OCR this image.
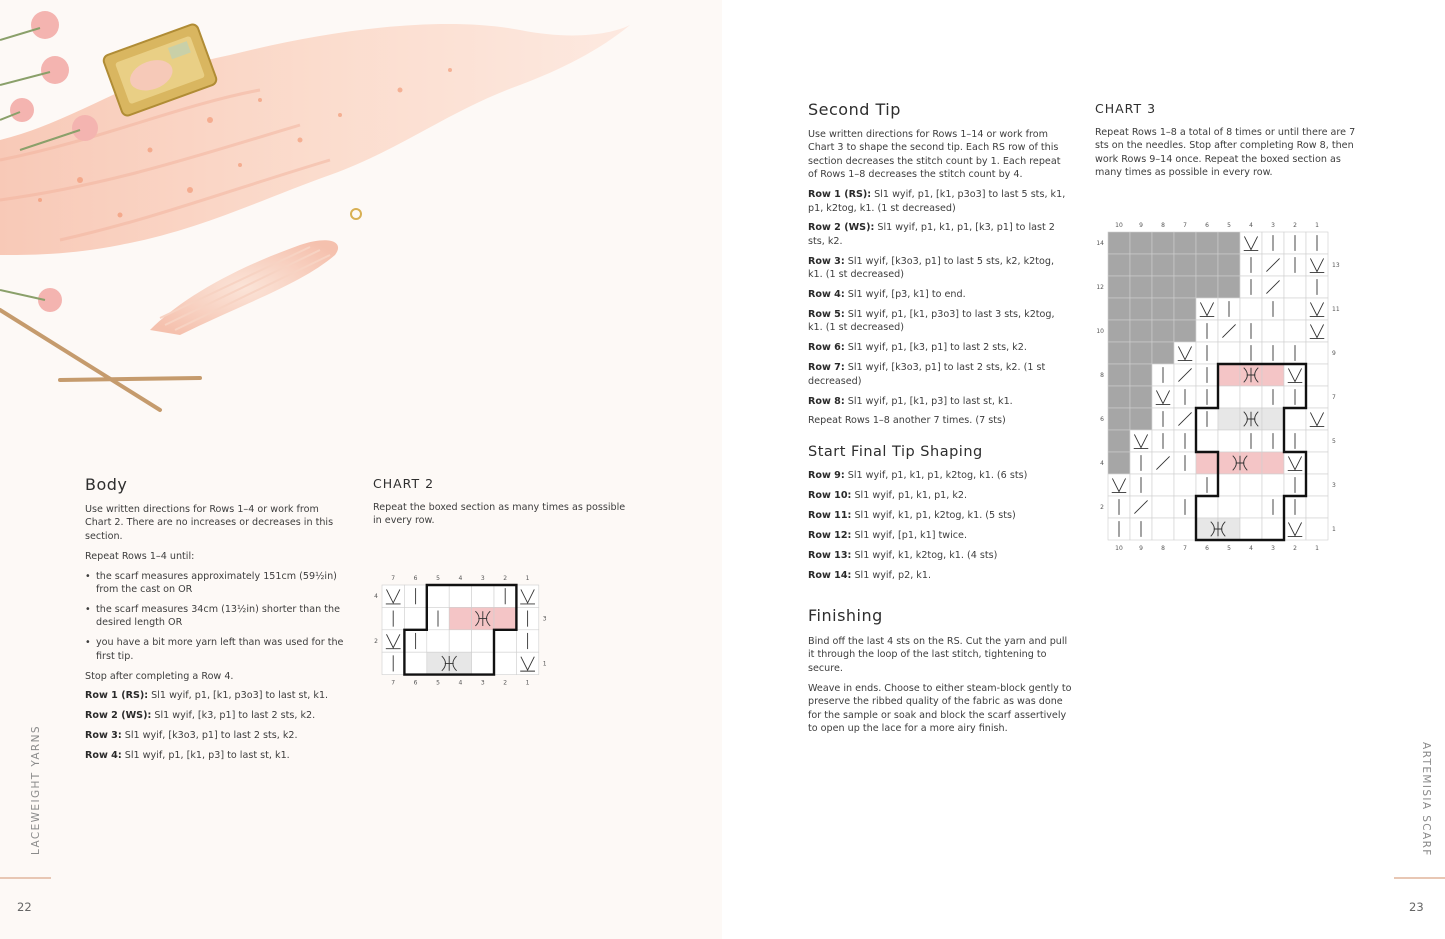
Body

Use written directions for Rows 1–4 or work from Chart 2. There are no increases or decreases in this section.

Repeat Rows 1–4 until:

• the scarf measures approximately 151cm (59½in) from the cast on OR
• the scarf measures 34cm (13½in) shorter than the desired length OR
• you have a bit more yarn left than was used for the first tip.

Stop after completing a Row 4.

Row 1 (RS): Sl1 wyif, p1, [k1, p3o3] to last st, k1.

Row 2 (WS): Sl1 wyif, [k3, p1] to last 2 sts, k2.

Row 3: Sl1 wyif, [k3o3, p1] to last 2 sts, k2.

Row 4: Sl1 wyif, p1, [k1, p3] to last st, k1.

CHART 2

Repeat the boxed section as many times as possible in every row.

7
7
6
6
5
5
4
4
3
3
2
2
1
1
4
2
3
1
LACEWEIGHT YARNS
22
Second Tip

Use written directions for Rows 1–14 or work from Chart 3 to shape the second tip. Each RS row of this section decreases the stitch count by 1. Each repeat of Rows 1–8 decreases the stitch count by 4.

Row 1 (RS): Sl1 wyif, p1, [k1, p3o3] to last 5 sts, k1, p1, k2tog, k1. (1 st decreased)

Row 2 (WS): Sl1 wyif, p1, k1, p1, [k3, p1] to last 2 sts, k2.

Row 3: Sl1 wyif, [k3o3, p1] to last 5 sts, k2, k2tog, k1. (1 st decreased)

Row 4: Sl1 wyif, [p3, k1] to end.

Row 5: Sl1 wyif, p1, [k1, p3o3] to last 3 sts, k2tog, k1. (1 st decreased)

Row 6: Sl1 wyif, p1, [k3, p1] to last 2 sts, k2.

Row 7: Sl1 wyif, [k3o3, p1] to last 2 sts, k2. (1 st decreased)

Row 8: Sl1 wyif, p1, [k1, p3] to last st, k1.

Repeat Rows 1–8 another 7 times. (7 sts)

Start Final Tip Shaping

Row 9: Sl1 wyif, p1, k1, p1, k2tog, k1. (6 sts)

Row 10: Sl1 wyif, p1, k1, p1, k2.

Row 11: Sl1 wyif, k1, p1, k2tog, k1. (5 sts)

Row 12: Sl1 wyif, [p1, k1] twice.

Row 13: Sl1 wyif, k1, k2tog, k1. (4 sts)

Row 14: Sl1 wyif, p2, k1.

Finishing

Bind off the last 4 sts on the RS. Cut the yarn and pull it through the loop of the last stitch, tightening to secure.

Weave in ends. Choose to either steam-block gently to preserve the ribbed quality of the fabric as was done for the sample or soak and block the scarf assertively to open up the lace for a more airy finish.

CHART 3

Repeat Rows 1–8 a total of 8 times or until there are 7 sts on the needles. Stop after completing Row 8, then work Rows 9–14 once. Repeat the boxed section as many times as possible in every row.

10
10
9
9
8
8
7
7
6
6
5
5
4
4
3
3
2
2
1
1
14
12
10
8
6
4
2
13
11
9
7
5
3
1
ARTEMISIA SCARF
23
